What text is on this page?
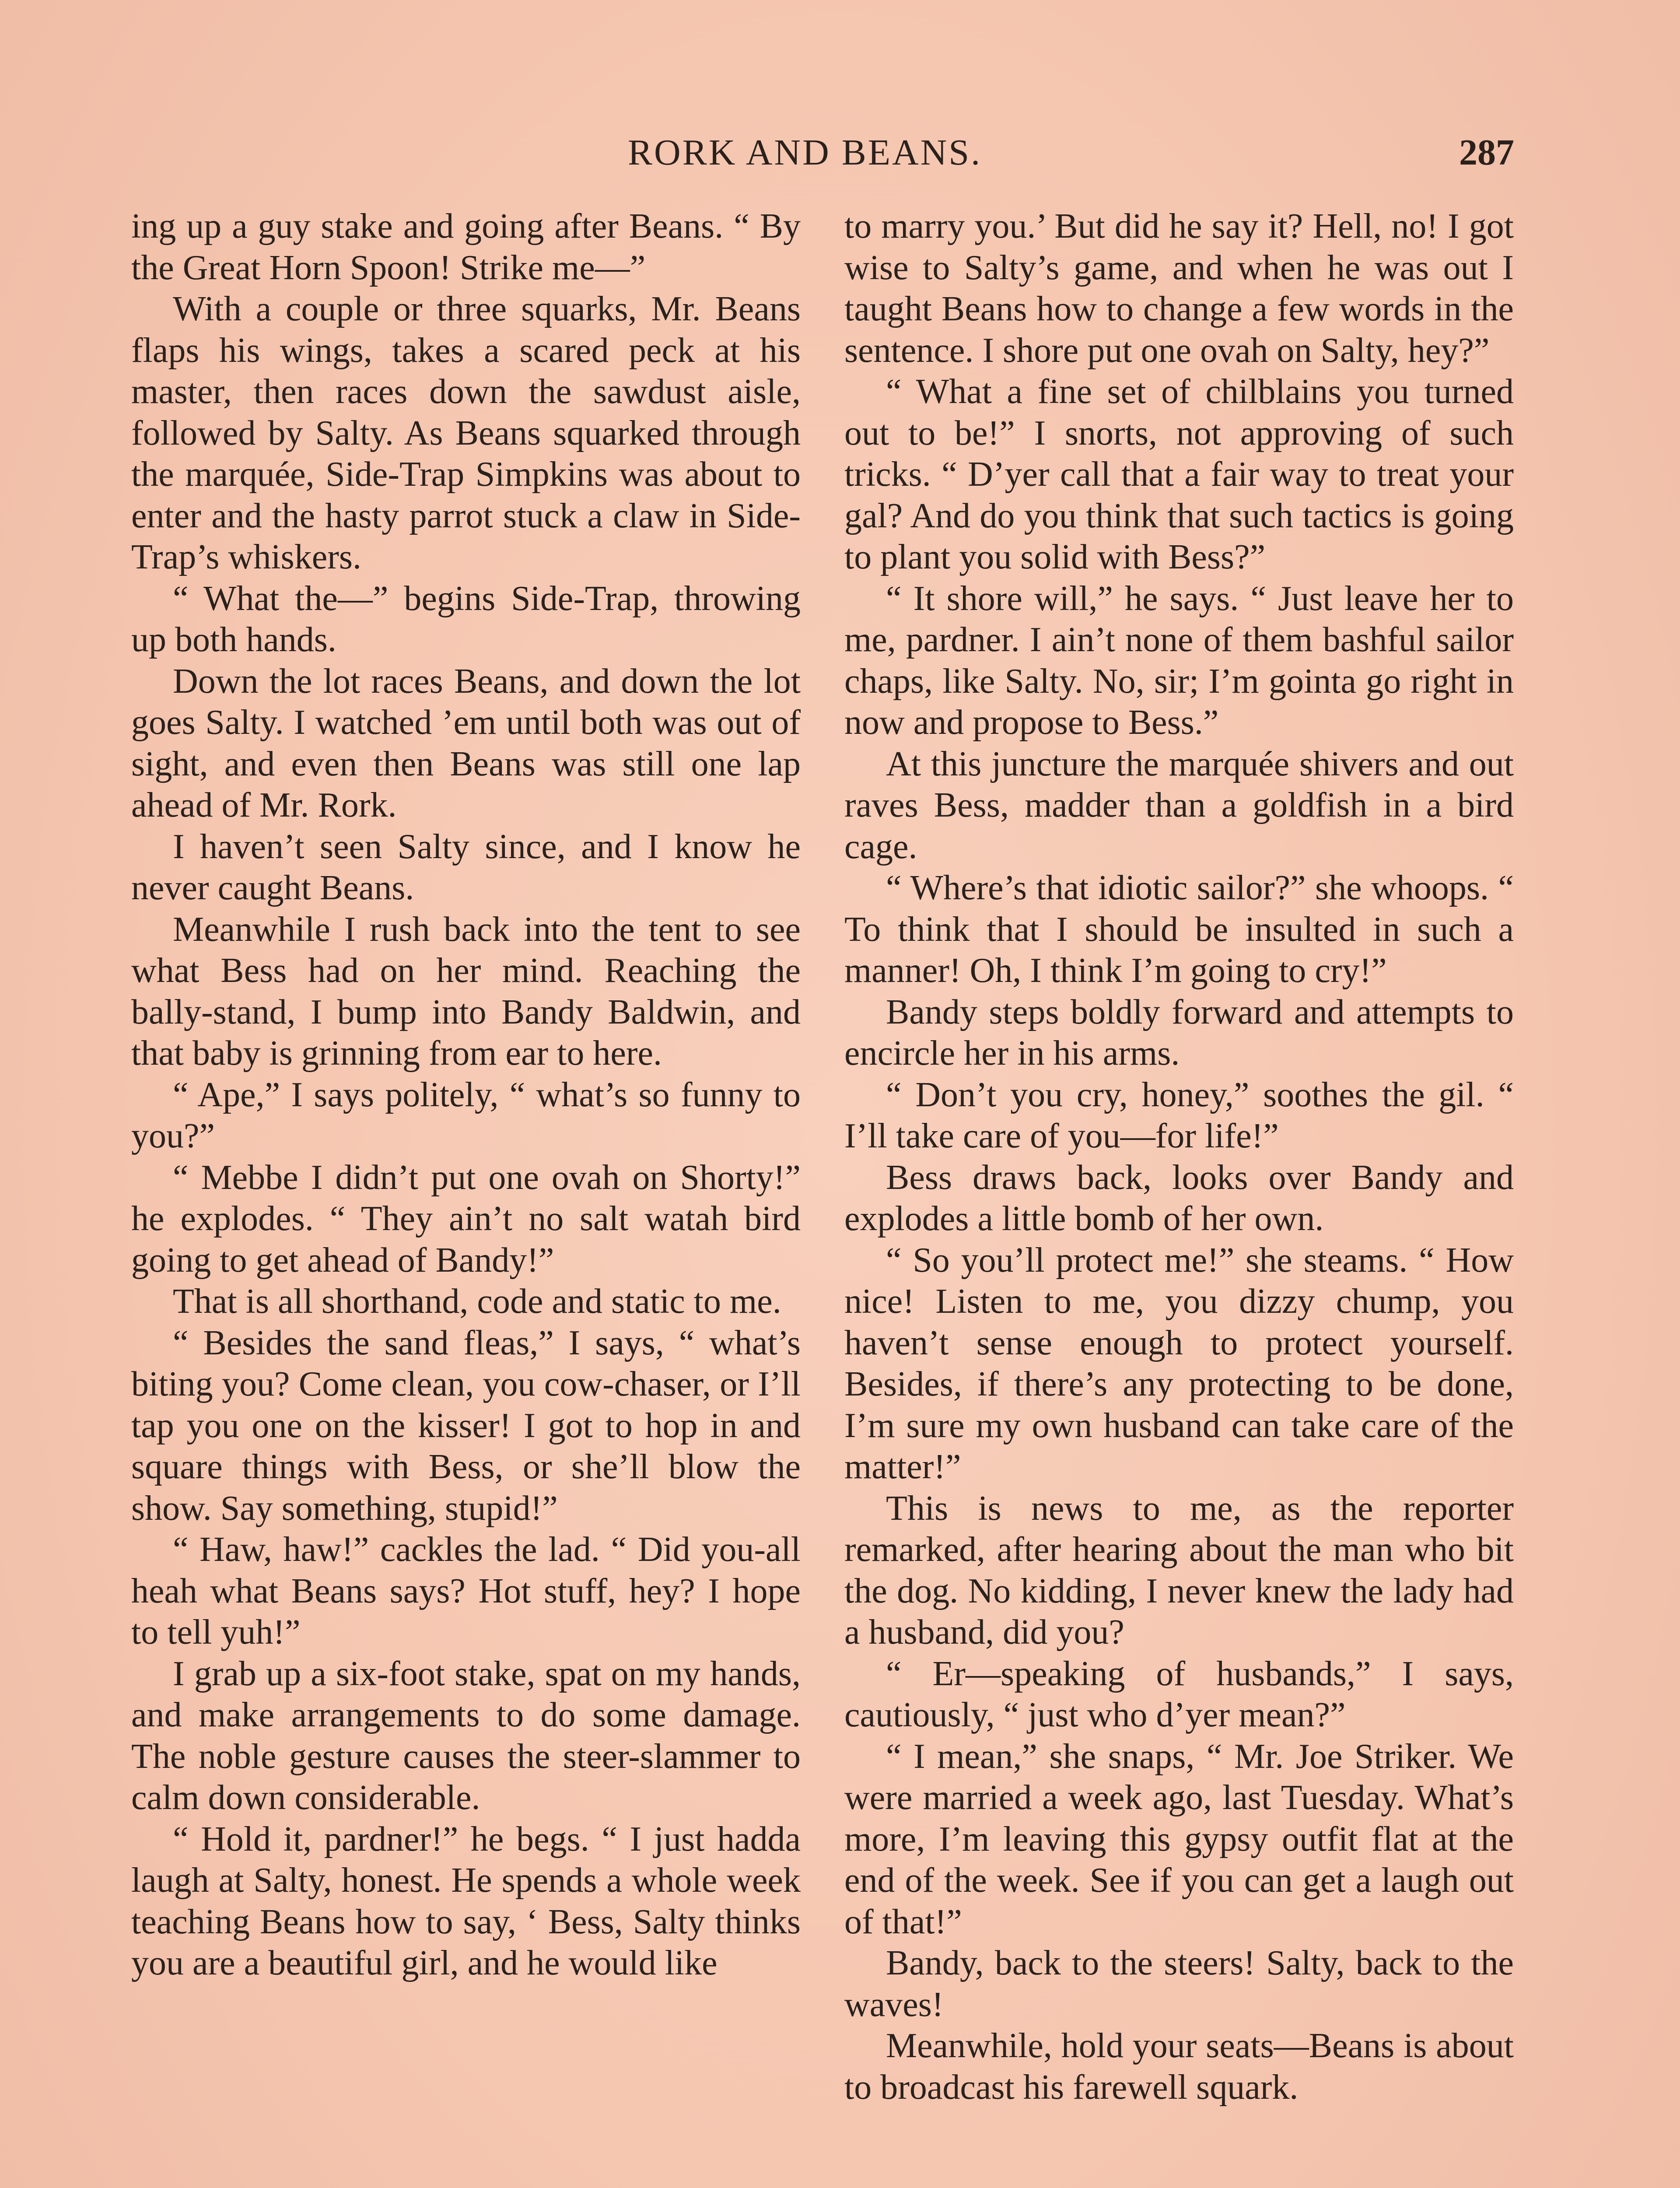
RORK AND BEANS.	287

ing up a guy stake and going after Beans. “ By the Great Horn Spoon! Strike me—”

With a couple or three squarks, Mr. Beans flaps his wings, takes a scared peck at his master, then races down the sawdust aisle, followed by Salty. As Beans squarked through the marquée, Side-Trap Simpkins was about to enter and the hasty parrot stuck a claw in Side-Trap’s whiskers.

“ What the—” begins Side-Trap, throwing up both hands.

Down the lot races Beans, and down the lot goes Salty. I watched ’em until both was out of sight, and even then Beans was still one lap ahead of Mr. Rork.

I haven’t seen Salty since, and I know he never caught Beans.

Meanwhile I rush back into the tent to see what Bess had on her mind. Reaching the bally-stand, I bump into Bandy Baldwin, and that baby is grinning from ear to here.

“ Ape,” I says politely, “ what’s so funny to you?”

“ Mebbe I didn’t put one ovah on Shorty!” he explodes. “ They ain’t no salt watah bird going to get ahead of Bandy!”

That is all shorthand, code and static to me.

“ Besides the sand fleas,” I says, “ what’s biting you? Come clean, you cow-chaser, or I’ll tap you one on the kisser! I got to hop in and square things with Bess, or she’ll blow the show. Say something, stupid!”

“ Haw, haw!” cackles the lad. “ Did you-all heah what Beans says? Hot stuff, hey? I hope to tell yuh!”

I grab up a six-foot stake, spat on my hands, and make arrangements to do some damage. The noble gesture causes the steer-slammer to calm down considerable.

“ Hold it, pardner!” he begs. “ I just hadda laugh at Salty, honest. He spends a whole week teaching Beans how to say, ‘ Bess, Salty thinks you are a beautiful girl, and he would like

to marry you.’ But did he say it? Hell, no! I got wise to Salty’s game, and when he was out I taught Beans how to change a few words in the sentence. I shore put one ovah on Salty, hey?”

“ What a fine set of chilblains you turned out to be!” I snorts, not approving of such tricks. “ D’yer call that a fair way to treat your gal? And do you think that such tactics is going to plant you solid with Bess?”

“ It shore will,” he says. “ Just leave her to me, pardner. I ain’t none of them bashful sailor chaps, like Salty. No, sir; I’m gointa go right in now and propose to Bess.”

At this juncture the marquée shivers and out raves Bess, madder than a goldfish in a bird cage.

“ Where’s that idiotic sailor?” she whoops. “ To think that I should be insulted in such a manner! Oh, I think I’m going to cry!”

Bandy steps boldly forward and attempts to encircle her in his arms.

“ Don’t you cry, honey,” soothes the gil. “ I’ll take care of you—for life!”

Bess draws back, looks over Bandy and explodes a little bomb of her own.

“ So you’ll protect me!” she steams. “ How nice! Listen to me, you dizzy chump, you haven’t sense enough to protect yourself. Besides, if there’s any protecting to be done, I’m sure my own husband can take care of the matter!”

This is news to me, as the reporter remarked, after hearing about the man who bit the dog. No kidding, I never knew the lady had a husband, did you?

“ Er—speaking of husbands,” I says, cautiously, “ just who d’yer mean?”

“ I mean,” she snaps, “ Mr. Joe Striker. We were married a week ago, last Tuesday. What’s more, I’m leaving this gypsy outfit flat at the end of the week. See if you can get a laugh out of that!”

Bandy, back to the steers! Salty, back to the waves!

Meanwhile, hold your seats—Beans is about to broadcast his farewell squark.
